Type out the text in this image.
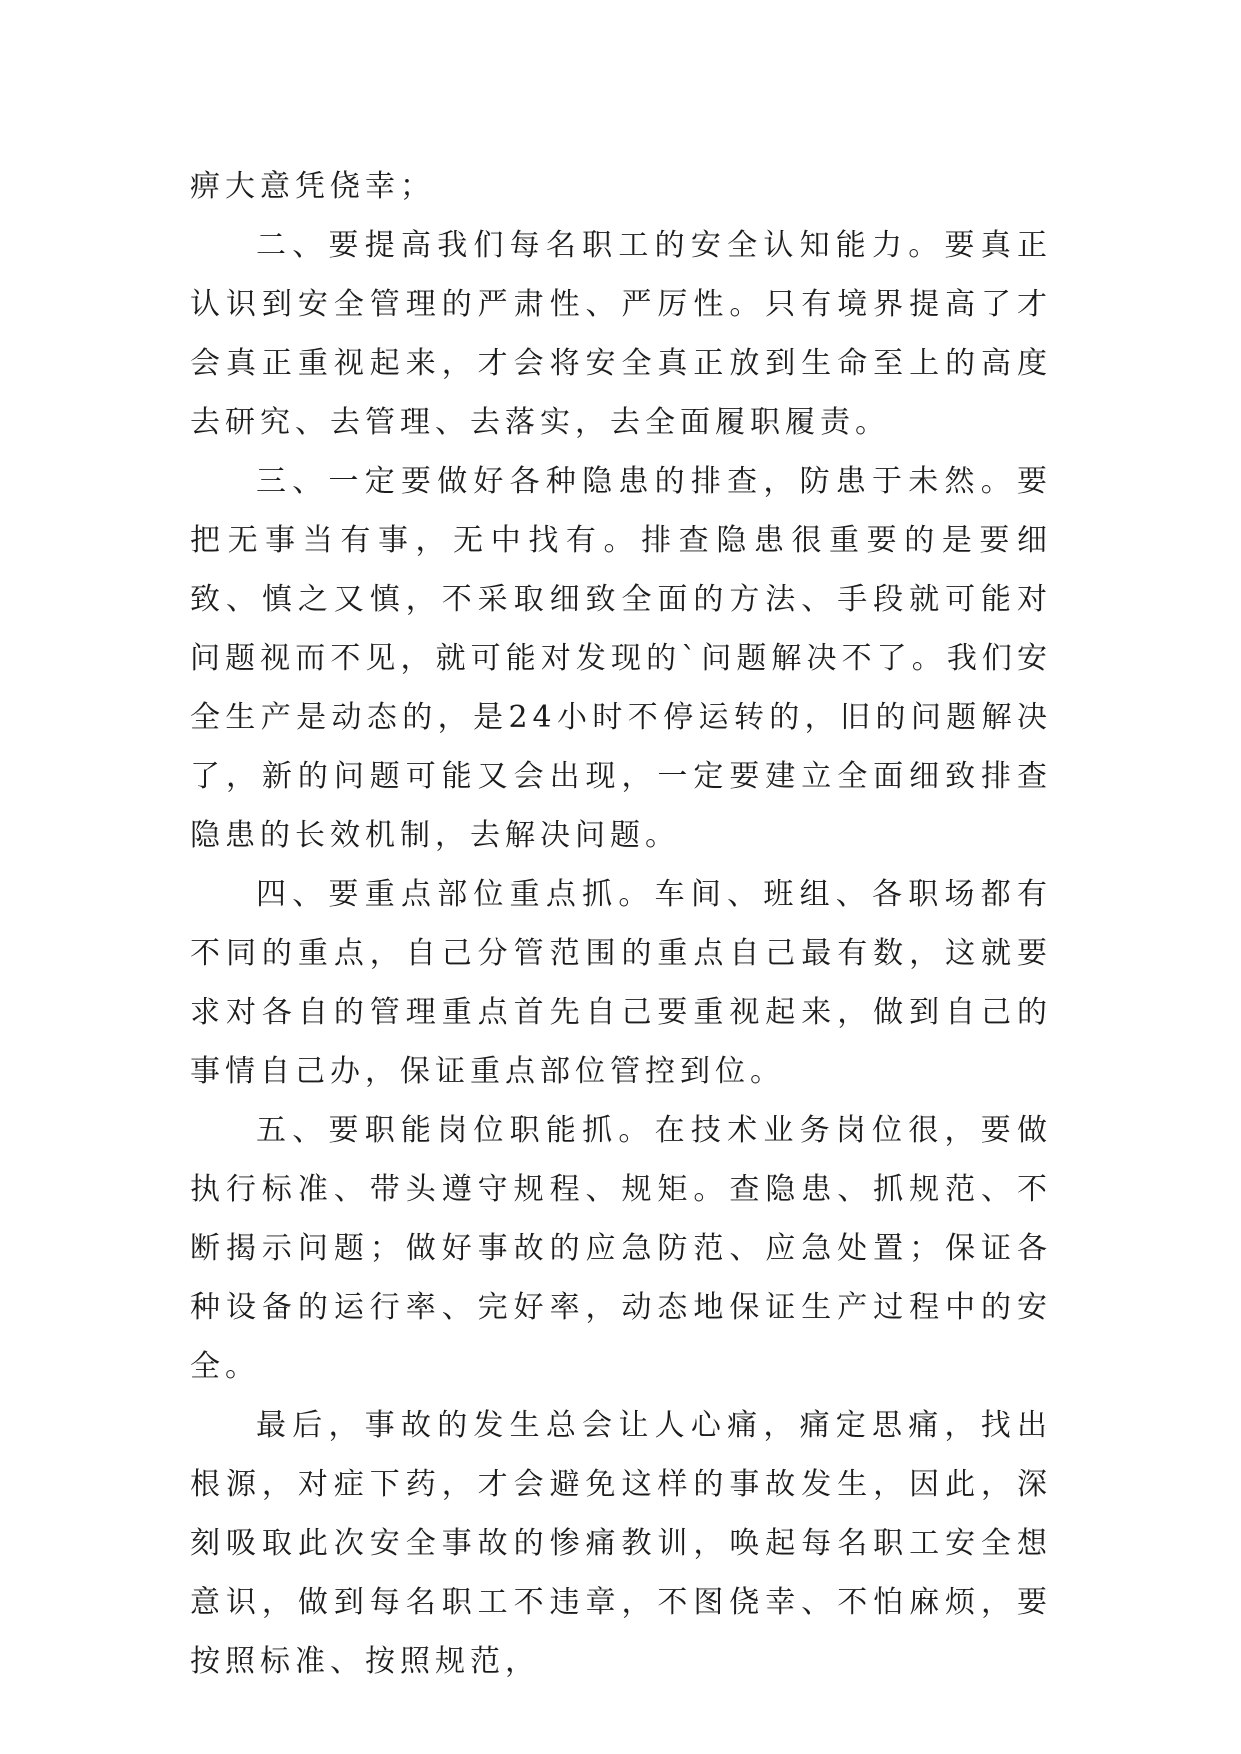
痹大意凭侥幸；

二、要提高我们每名职工的安全认知能力。要真正认识到安全管理的严肃性、严厉性。只有境界提高了才会真正重视起来，才会将安全真正放到生命至上的高度去研究、去管理、去落实，去全面履职履责。

三、一定要做好各种隐患的排查，防患于未然。要把无事当有事，无中找有。排查隐患很重要的是要细致、慎之又慎，不采取细致全面的方法、手段就可能对问题视而不见，就可能对发现的`问题解决不了。我们安全生产是动态的，是24小时不停运转的，旧的问题解决了，新的问题可能又会出现，一定要建立全面细致排查隐患的长效机制，去解决问题。

四、要重点部位重点抓。车间、班组、各职场都有不同的重点，自己分管范围的重点自己最有数，这就要求对各自的管理重点首先自己要重视起来，做到自己的事情自己办，保证重点部位管控到位。

五、要职能岗位职能抓。在技术业务岗位很，要做执行标准、带头遵守规程、规矩。查隐患、抓规范、不断揭示问题；做好事故的应急防范、应急处置；保证各种设备的运行率、完好率，动态地保证生产过程中的安全。

最后，事故的发生总会让人心痛，痛定思痛，找出根源，对症下药，才会避免这样的事故发生，因此，深刻吸取此次安全事故的惨痛教训，唤起每名职工安全想意识，做到每名职工不违章，不图侥幸、不怕麻烦，要按照标准、按照规范，
